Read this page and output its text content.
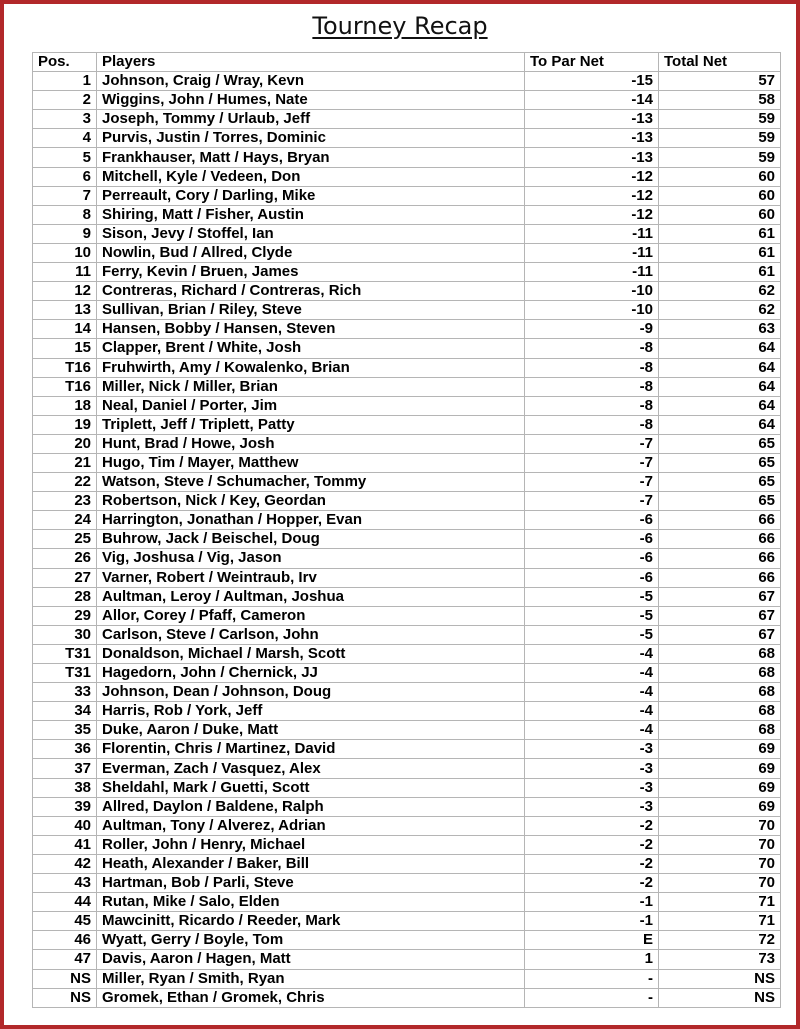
Tourney Recap
Pos.	Players	To Par Net	Total Net
1	Johnson, Craig / Wray, Kevn	-15	57
2	Wiggins, John / Humes, Nate	-14	58
3	Joseph, Tommy / Urlaub, Jeff	-13	59
4	Purvis, Justin / Torres, Dominic	-13	59
5	Frankhauser, Matt / Hays, Bryan	-13	59
6	Mitchell, Kyle / Vedeen, Don	-12	60
7	Perreault, Cory / Darling, Mike	-12	60
8	Shiring, Matt / Fisher, Austin	-12	60
9	Sison, Jevy / Stoffel, Ian	-11	61
10	Nowlin, Bud / Allred, Clyde	-11	61
11	Ferry, Kevin / Bruen, James	-11	61
12	Contreras, Richard / Contreras, Rich	-10	62
13	Sullivan, Brian / Riley, Steve	-10	62
14	Hansen, Bobby / Hansen, Steven	-9	63
15	Clapper, Brent / White, Josh	-8	64
T16	Fruhwirth, Amy / Kowalenko, Brian	-8	64
T16	Miller, Nick / Miller, Brian	-8	64
18	Neal, Daniel / Porter, Jim	-8	64
19	Triplett, Jeff / Triplett, Patty	-8	64
20	Hunt, Brad / Howe, Josh	-7	65
21	Hugo, Tim / Mayer, Matthew	-7	65
22	Watson, Steve / Schumacher, Tommy	-7	65
23	Robertson, Nick / Key, Geordan	-7	65
24	Harrington, Jonathan / Hopper, Evan	-6	66
25	Buhrow, Jack / Beischel, Doug	-6	66
26	Vig, Joshusa / Vig, Jason	-6	66
27	Varner, Robert / Weintraub, Irv	-6	66
28	Aultman, Leroy / Aultman, Joshua	-5	67
29	Allor, Corey / Pfaff, Cameron	-5	67
30	Carlson, Steve / Carlson, John	-5	67
T31	Donaldson, Michael / Marsh, Scott	-4	68
T31	Hagedorn, John / Chernick, JJ	-4	68
33	Johnson, Dean / Johnson, Doug	-4	68
34	Harris, Rob / York, Jeff	-4	68
35	Duke, Aaron / Duke, Matt	-4	68
36	Florentin, Chris / Martinez, David	-3	69
37	Everman, Zach / Vasquez, Alex	-3	69
38	Sheldahl, Mark / Guetti, Scott	-3	69
39	Allred, Daylon / Baldene, Ralph	-3	69
40	Aultman, Tony / Alverez, Adrian	-2	70
41	Roller, John / Henry, Michael	-2	70
42	Heath, Alexander / Baker, Bill	-2	70
43	Hartman, Bob / Parli, Steve	-2	70
44	Rutan, Mike / Salo, Elden	-1	71
45	Mawcinitt, Ricardo / Reeder, Mark	-1	71
46	Wyatt, Gerry / Boyle, Tom	E	72
47	Davis, Aaron / Hagen, Matt	1	73
NS	Miller, Ryan / Smith, Ryan	-	NS
NS	Gromek, Ethan / Gromek, Chris	-	NS
